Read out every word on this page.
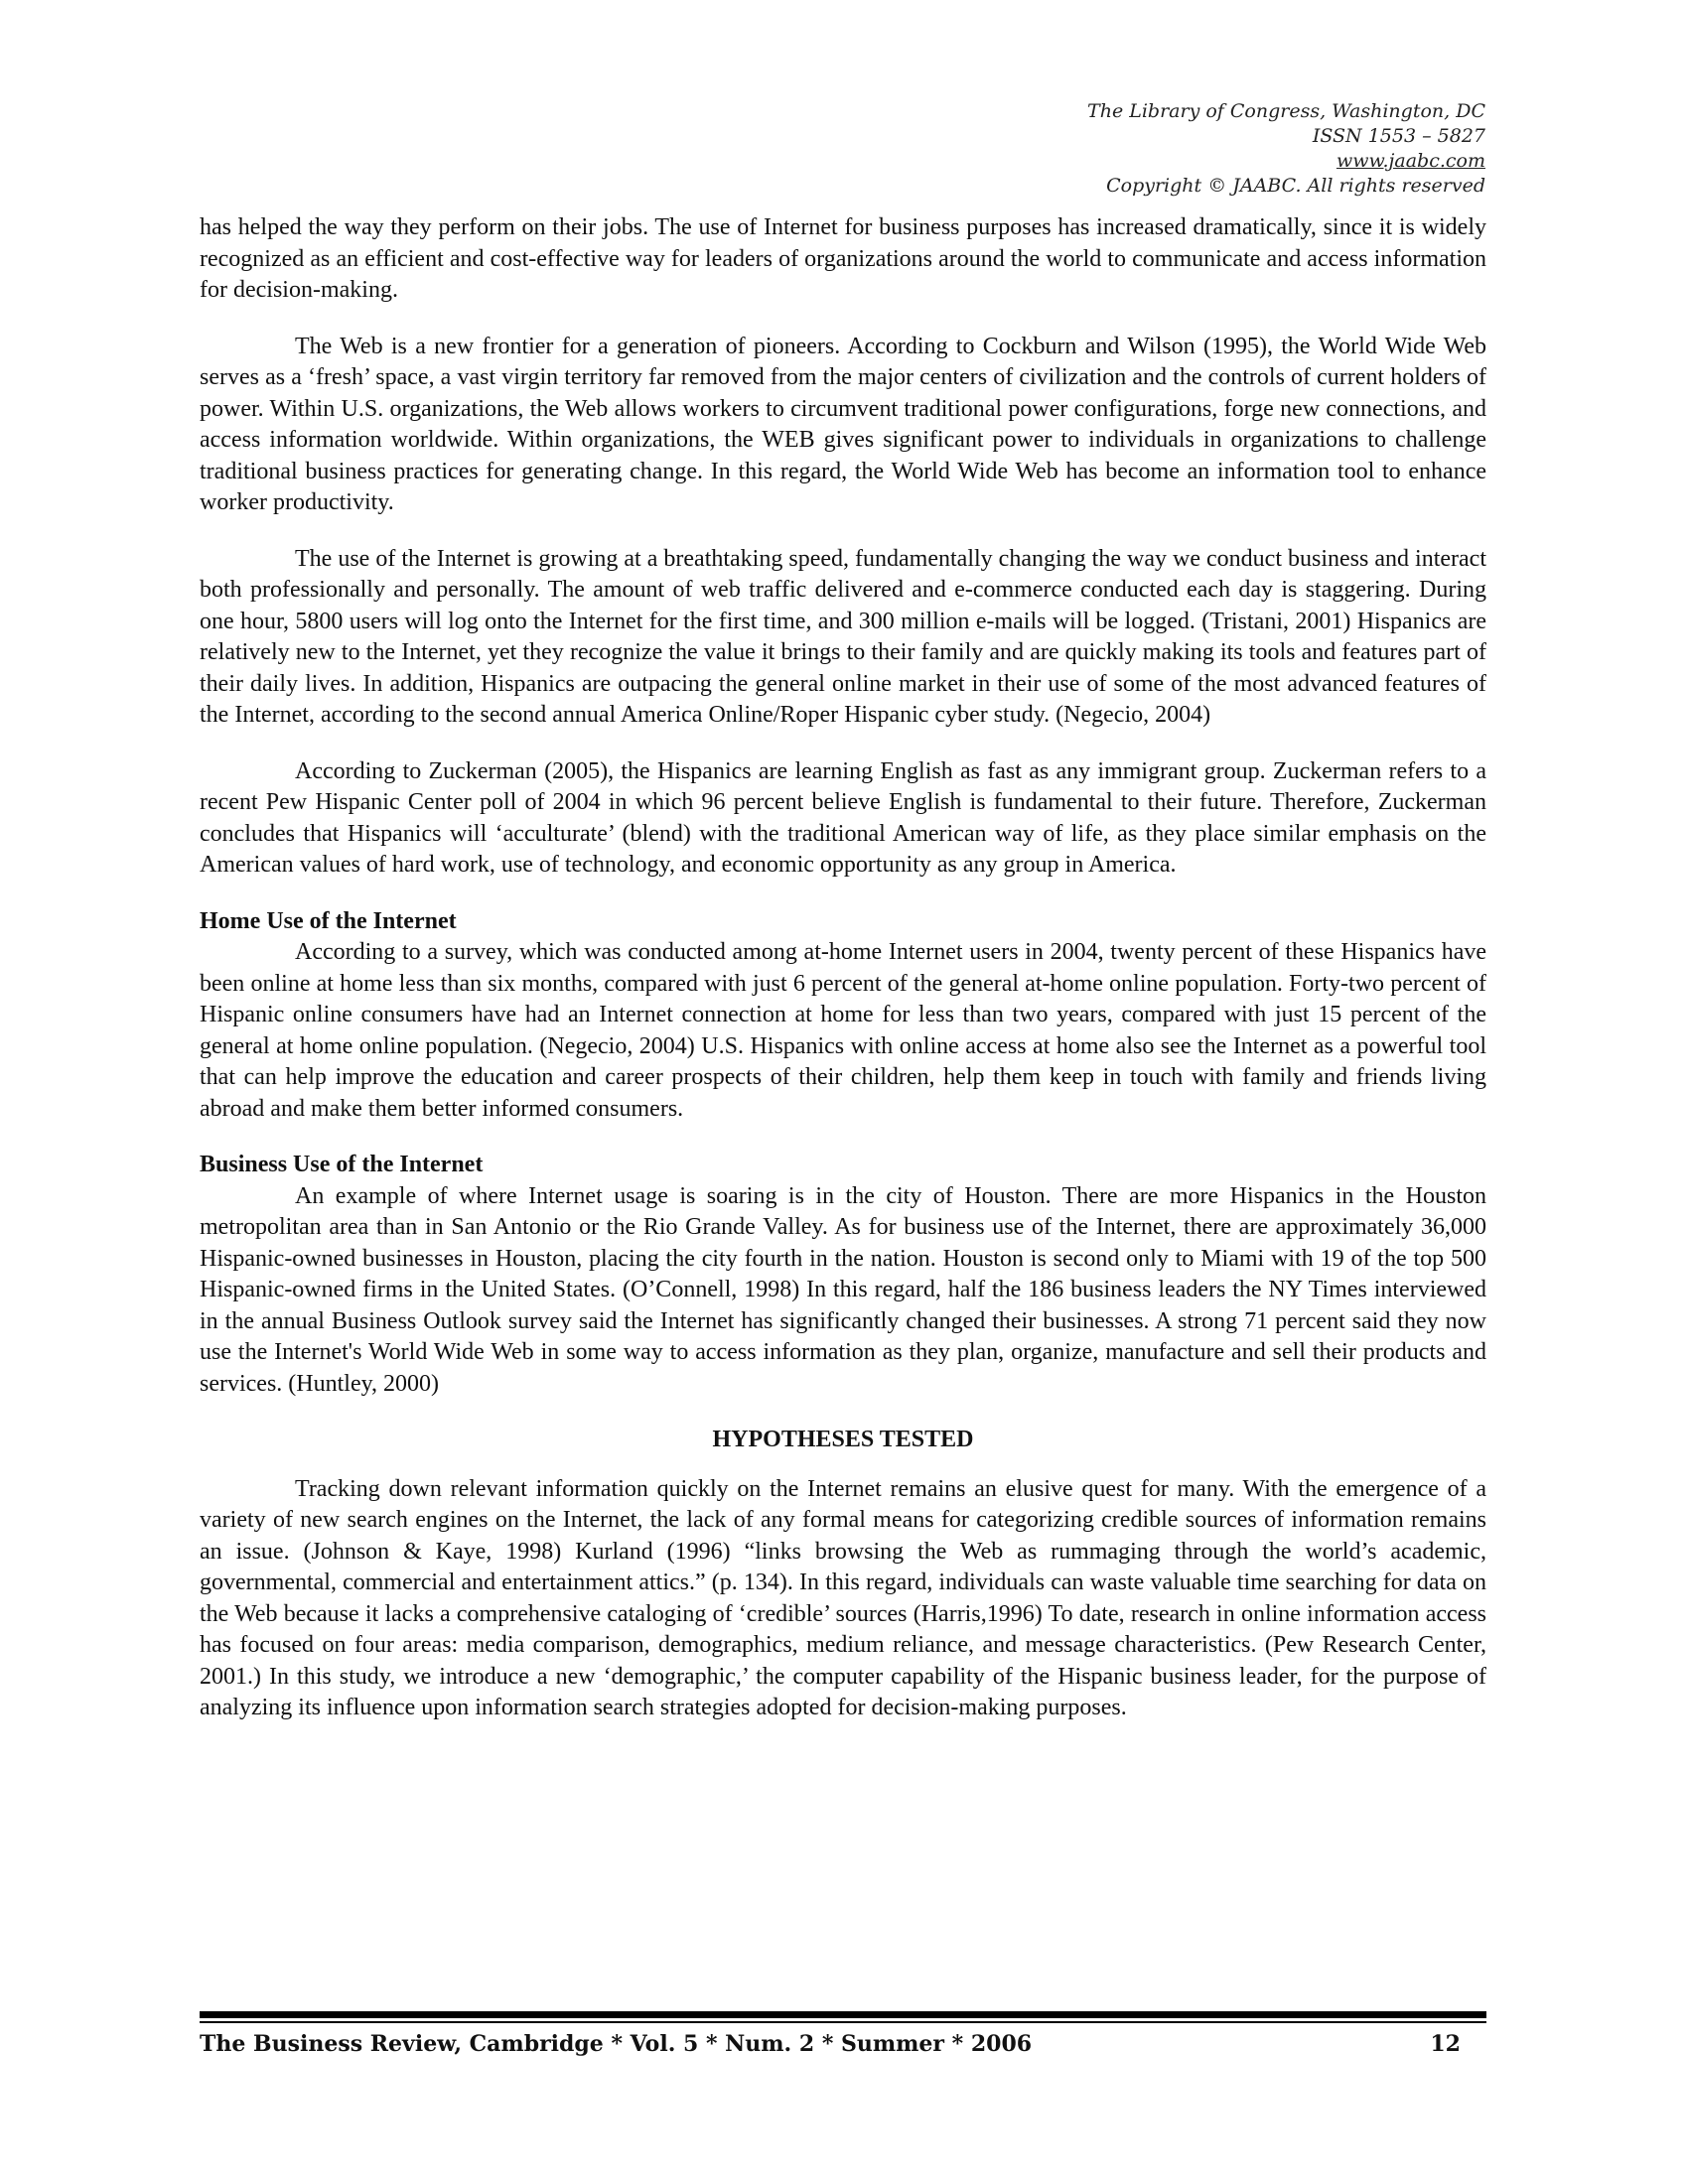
The Library of Congress, Washington, DC
ISSN 1553 – 5827
www.jaabc.com
Copyright © JAABC. All rights reserved

has helped the way they perform on their jobs. The use of Internet for business purposes has increased dramatically, since it is widely recognized as an efficient and cost-effective way for leaders of organizations around the world to communicate and access information for decision-making.

The Web is a new frontier for a generation of pioneers. According to Cockburn and Wilson (1995), the World Wide Web serves as a ‘fresh’ space, a vast virgin territory far removed from the major centers of civilization and the controls of current holders of power. Within U.S. organizations, the Web allows workers to circumvent traditional power configurations, forge new connections, and access information worldwide. Within organizations, the WEB gives significant power to individuals in organizations to challenge traditional business practices for generating change. In this regard, the World Wide Web has become an information tool to enhance worker productivity.

The use of the Internet is growing at a breathtaking speed, fundamentally changing the way we conduct business and interact both professionally and personally. The amount of web traffic delivered and e-commerce conducted each day is staggering. During one hour, 5800 users will log onto the Internet for the first time, and 300 million e-mails will be logged. (Tristani, 2001) Hispanics are relatively new to the Internet, yet they recognize the value it brings to their family and are quickly making its tools and features part of their daily lives. In addition, Hispanics are outpacing the general online market in their use of some of the most advanced features of the Internet, according to the second annual America Online/Roper Hispanic cyber study. (Negecio, 2004)

According to Zuckerman (2005), the Hispanics are learning English as fast as any immigrant group. Zuckerman refers to a recent Pew Hispanic Center poll of 2004 in which 96 percent believe English is fundamental to their future. Therefore, Zuckerman concludes that Hispanics will ‘acculturate’ (blend) with the traditional American way of life, as they place similar emphasis on the American values of hard work, use of technology, and economic opportunity as any group in America.

Home Use of the Internet

According to a survey, which was conducted among at-home Internet users in 2004, twenty percent of these Hispanics have been online at home less than six months, compared with just 6 percent of the general at-home online population. Forty-two percent of Hispanic online consumers have had an Internet connection at home for less than two years, compared with just 15 percent of the general at home online population. (Negecio, 2004) U.S. Hispanics with online access at home also see the Internet as a powerful tool that can help improve the education and career prospects of their children, help them keep in touch with family and friends living abroad and make them better informed consumers.

Business Use of the Internet

An example of where Internet usage is soaring is in the city of Houston. There are more Hispanics in the Houston metropolitan area than in San Antonio or the Rio Grande Valley. As for business use of the Internet, there are approximately 36,000 Hispanic-owned businesses in Houston, placing the city fourth in the nation. Houston is second only to Miami with 19 of the top 500 Hispanic-owned firms in the United States. (O’Connell, 1998) In this regard, half the 186 business leaders the NY Times interviewed in the annual Business Outlook survey said the Internet has significantly changed their businesses. A strong 71 percent said they now use the Internet's World Wide Web in some way to access information as they plan, organize, manufacture and sell their products and services. (Huntley, 2000)

HYPOTHESES TESTED

Tracking down relevant information quickly on the Internet remains an elusive quest for many. With the emergence of a variety of new search engines on the Internet, the lack of any formal means for categorizing credible sources of information remains an issue. (Johnson & Kaye, 1998) Kurland (1996) “links browsing the Web as rummaging through the world’s academic, governmental, commercial and entertainment attics.” (p. 134). In this regard, individuals can waste valuable time searching for data on the Web because it lacks a comprehensive cataloging of ‘credible’ sources (Harris,1996) To date, research in online information access has focused on four areas: media comparison, demographics, medium reliance, and message characteristics. (Pew Research Center, 2001.) In this study, we introduce a new ‘demographic,’ the computer capability of the Hispanic business leader, for the purpose of analyzing its influence upon information search strategies adopted for decision-making purposes.

The Business Review, Cambridge * Vol. 5 * Num. 2 * Summer * 2006	12
